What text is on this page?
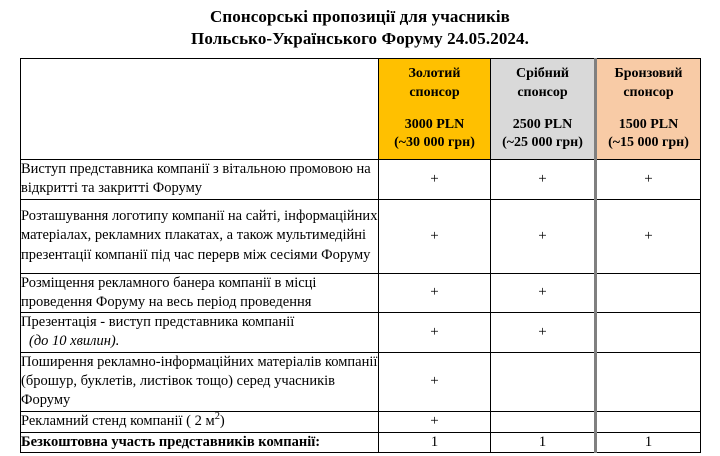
Спонсорські пропозиції для учасників
Польсько-Українського Форуму 24.05.2024.

	Золотий
спонсор
3000 PLN
(~30 000 грн)	Срібний
спонсор
2500 PLN
(~25 000 грн)	Бронзовий
спонсор
1500 PLN
(~15 000 грн)

Виступ представника компанії з вітальною промовою на відкритті та закритті Форуму	+	+	+
Розташування логотипу компанії на сайті, інформаційних матеріалах, рекламних плакатах, а також мультимедійні презентації компанії під час перерв між сесіями Форуму	+	+	+
Розміщення рекламного банера компанії в місці проведення Форуму на весь період проведення	+	+	
Презентація - виступ представника компанії
(до 10 хвилин).	+	+	
Поширення рекламно-інформаційних матеріалів компанії (брошур, буклетів, листівок тощо) серед учасників Форуму	+		
Рекламний стенд компанії ( 2 $м^2$)	+		
Безкоштовна участь представників компанії:	1	1	1
